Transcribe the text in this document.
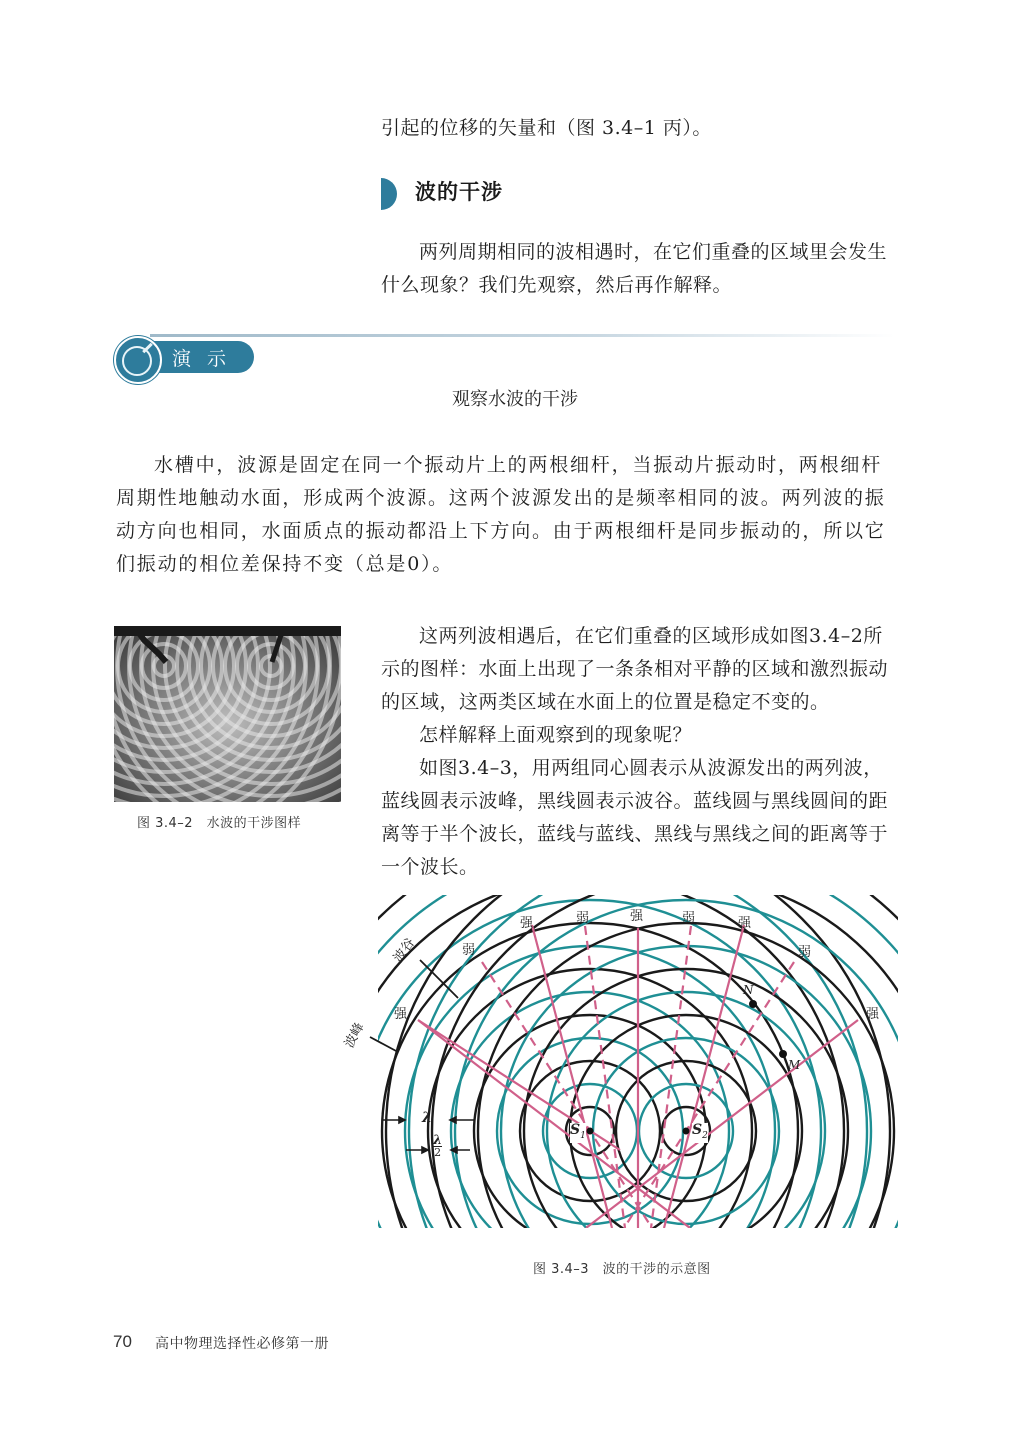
引起的位移的矢量和（图 3.4–1 丙）。
波的干涉
两列周期相同的波相遇时，在它们重叠的区域里会发生什么现象？我们先观察，然后再作解释。
演示
观察水波的干涉
水槽中，波源是固定在同一个振动片上的两根细杆，当振动片振动时，两根细杆周期性地触动水面，形成两个波源。这两个波源发出的是频率相同的波。两列波的振动方向也相同，水面质点的振动都沿上下方向。由于两根细杆是同步振动的，所以它们振动的相位差保持不变（总是0）。
图 3.4–2　水波的干涉图样
这两列波相遇后，在它们重叠的区域形成如图3.4–2所示的图样：水面上出现了一条条相对平静的区域和激烈振动的区域，这两类区域在水面上的位置是稳定不变的。
怎样解释上面观察到的现象呢？
如图3.4–3，用两组同心圆表示从波源发出的两列波，蓝线圆表示波峰，黑线圆表示波谷。蓝线圆与黑线圆间的距离等于半个波长，蓝线与蓝线、黑线与黑线之间的距离等于一个波长。
强	弱	强	弱	强
弱
强
弱
强
波谷
波峰
N
M
$S_1$	$S_2$
λ
λ
2
图 3.4–3　波的干涉的示意图
70 高中物理选择性必修第一册
